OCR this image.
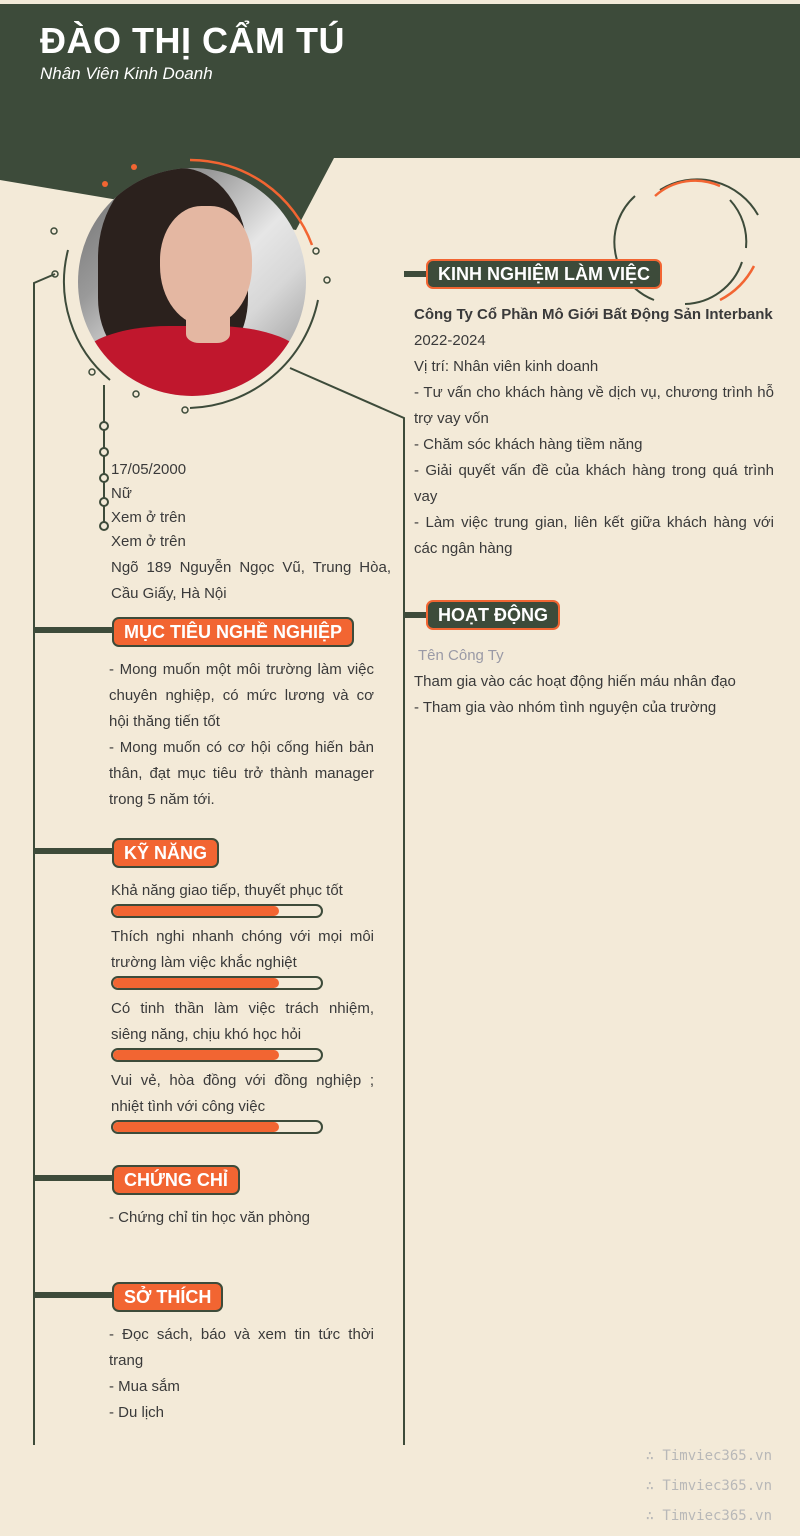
ĐÀO THỊ CẨM TÚ
Nhân Viên Kinh Doanh
17/05/2000
Nữ
Xem ở trên
Xem ở trên
Ngõ 189 Nguyễn Ngọc Vũ, Trung Hòa, Cầu Giấy, Hà Nội
MỤC TIÊU NGHỀ NGHIỆP
- Mong muốn một môi trường làm việc chuyên nghiệp, có mức lương và cơ hội thăng tiến tốt
- Mong muốn có cơ hội cống hiến bản thân, đạt mục tiêu trở thành manager trong 5 năm tới.
KỸ NĂNG
Khả năng giao tiếp, thuyết phục tốt
Thích nghi nhanh chóng với mọi môi trường làm việc khắc nghiệt
Có tinh thần làm việc trách nhiệm, siêng năng, chịu khó học hỏi
Vui vẻ, hòa đồng với đồng nghiệp ; nhiệt tình với công việc
CHỨNG CHỈ
- Chứng chỉ tin học văn phòng
SỞ THÍCH
- Đọc sách, báo và xem tin tức thời trang
- Mua sắm
- Du lịch
KINH NGHIỆM LÀM VIỆC
Công Ty Cổ Phần Mô Giới Bất Động Sản Interbank
2022-2024
Vị trí: Nhân viên kinh doanh
- Tư vấn cho khách hàng về dịch vụ, chương trình hỗ trợ vay vốn
- Chăm sóc khách hàng tiềm năng
- Giải quyết vấn đề của khách hàng trong quá trình vay
- Làm việc trung gian, liên kết giữa khách hàng với các ngân hàng
HOẠT ĐỘNG
Tên Công Ty
Tham gia vào các hoạt động hiến máu nhân đạo
- Tham gia vào nhóm tình nguyện của trường
∴ Timviec365.vn
∴ Timviec365.vn
∴ Timviec365.vn
